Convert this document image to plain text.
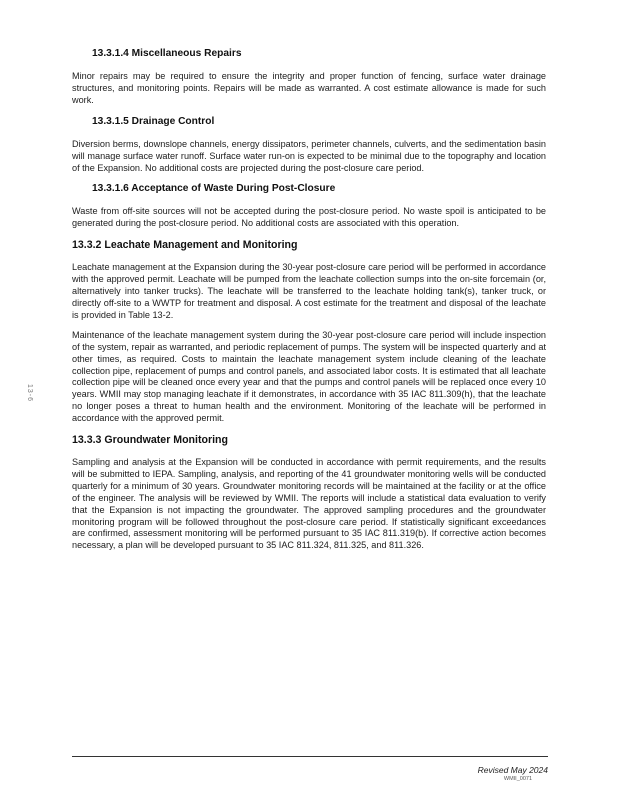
13-6
13.3.1.4 Miscellaneous Repairs

Minor repairs may be required to ensure the integrity and proper function of fencing, surface water drainage structures, and monitoring points. Repairs will be made as warranted. A cost estimate allowance is made for such work.

13.3.1.5 Drainage Control

Diversion berms, downslope channels, energy dissipators, perimeter channels, culverts, and the sedimentation basin will manage surface water runoff. Surface water run-on is expected to be minimal due to the topography and location of the Expansion. No additional costs are projected during the post-closure care period.

13.3.1.6 Acceptance of Waste During Post-Closure

Waste from off-site sources will not be accepted during the post-closure period. No waste spoil is anticipated to be generated during the post-closure period. No additional costs are associated with this operation.

13.3.2 Leachate Management and Monitoring

Leachate management at the Expansion during the 30-year post-closure care period will be performed in accordance with the approved permit. Leachate will be pumped from the leachate collection sumps into the on-site forcemain (or, alternatively into tanker trucks). The leachate will be transferred to the leachate holding tank(s), tanker truck, or directly off-site to a WWTP for treatment and disposal. A cost estimate for the treatment and disposal of the leachate is provided in Table 13-2.

Maintenance of the leachate management system during the 30-year post-closure care period will include inspection of the system, repair as warranted, and periodic replacement of pumps. The system will be inspected quarterly and at other times, as required. Costs to maintain the leachate management system include cleaning of the leachate collection pipe, replacement of pumps and control panels, and associated labor costs. It is estimated that all leachate collection pipe will be cleaned once every year and that the pumps and control panels will be replaced once every 10 years. WMII may stop managing leachate if it demonstrates, in accordance with 35 IAC 811.309(h), that the leachate no longer poses a threat to human health and the environment. Monitoring of the leachate will be performed in accordance with the approved permit.

13.3.3 Groundwater Monitoring

Sampling and analysis at the Expansion will be conducted in accordance with permit requirements, and the results will be submitted to IEPA. Sampling, analysis, and reporting of the 41 groundwater monitoring wells will be conducted quarterly for a minimum of 30 years. Groundwater monitoring records will be maintained at the facility or at the office of the engineer. The analysis will be reviewed by WMII. The reports will include a statistical data evaluation to verify that the Expansion is not impacting the groundwater. The approved sampling procedures and the groundwater monitoring program will be followed throughout the post-closure care period. If statistically significant exceedances are confirmed, assessment monitoring will be performed pursuant to 35 IAC 811.319(b). If corrective action becomes necessary, a plan will be developed pursuant to 35 IAC 811.324, 811.325, and 811.326.

Revised May 2024
WMII_0071
